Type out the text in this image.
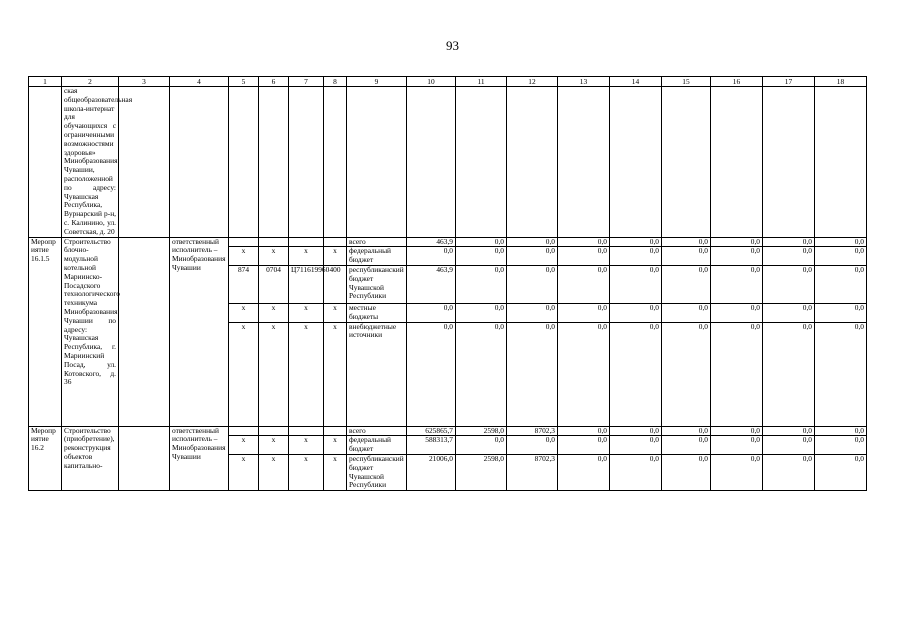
93
1	2	3	4	5	6	7	8	9	10	11	12	13	14	15	16	17	18
	ская общеобразовательная школа-интернат для обучающихся с ограниченными возможностями здоровья» Минобразования Чувашии, расположенной по адресу: Чувашская Республика, Вурнарский р-н, с. Калинино, ул. Советская, д. 20																
Мероприятие 16.1.5	Строительство блочно-модульной котельной Мариинско-Посадского технологического техникума Минобразования Чувашии по адресу: Чувашская Республика, г. Мариинский Посад, ул. Котовского, д. 36		ответственный исполнитель – Минобразования Чувашии					всего	463,9	0,0	0,0	0,0	0,0	0,0	0,0	0,0	0,0
				x	x	x	x	федеральный бюджет	0,0	0,0	0,0	0,0	0,0	0,0	0,0	0,0	0,0
				874	0704	Ц711619960	400	республиканский бюджет Чувашской Республики	463,9	0,0	0,0	0,0	0,0	0,0	0,0	0,0	0,0
				x	x	x	x	местные бюджеты	0,0	0,0	0,0	0,0	0,0	0,0	0,0	0,0	0,0
				x	x	x	x	внебюджетные источники	0,0	0,0	0,0	0,0	0,0	0,0	0,0	0,0	0,0
Мероприятие 16.2	Строительство (приобретение), реконструкция объектов капитально-		ответственный исполнитель – Минобразования Чувашии					всего	625865,7	2598,0	8702,3	0,0	0,0	0,0	0,0	0,0	0,0
				x	x	x	x	федеральный бюджет	588313,7	0,0	0,0	0,0	0,0	0,0	0,0	0,0	0,0
				x	x	x	x	республиканский бюджет Чувашской Республики	21006,0	2598,0	8702,3	0,0	0,0	0,0	0,0	0,0	0,0
